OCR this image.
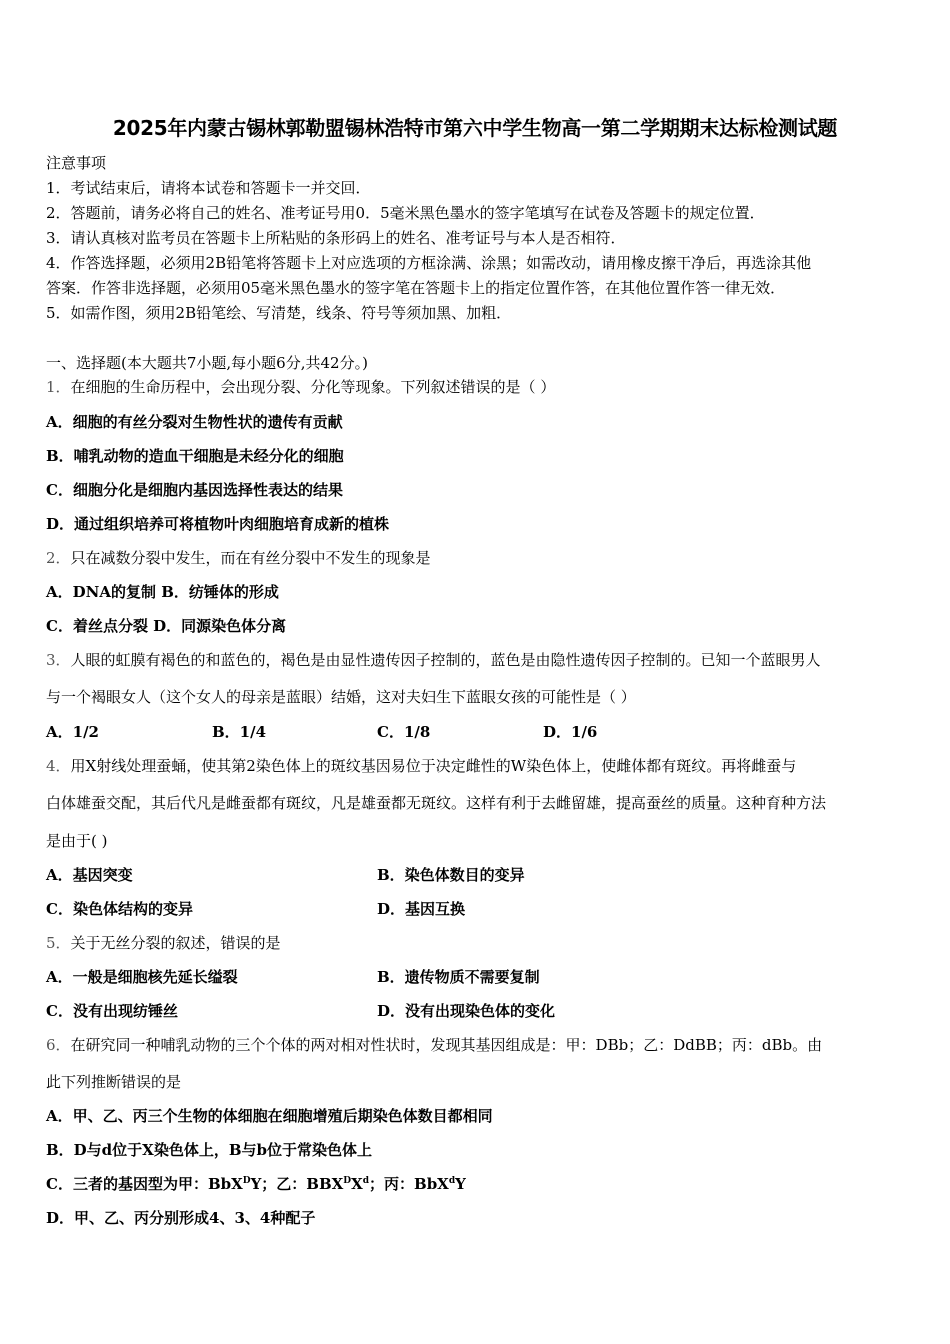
2025年内蒙古锡林郭勒盟锡林浩特市第六中学生物高一第二学期期末达标检测试题
注意事项
1．考试结束后，请将本试卷和答题卡一并交回．
2．答题前，请务必将自己的姓名、准考证号用0．5毫米黑色墨水的签字笔填写在试卷及答题卡的规定位置．
3．请认真核对监考员在答题卡上所粘贴的条形码上的姓名、准考证号与本人是否相符．
4．作答选择题，必须用2B铅笔将答题卡上对应选项的方框涂满、涂黑；如需改动，请用橡皮擦干净后，再选涂其他
答案．作答非选择题，必须用05毫米黑色墨水的签字笔在答题卡上的指定位置作答，在其他位置作答一律无效．
5．如需作图，须用2B铅笔绘、写清楚，线条、符号等须加黑、加粗．
一、选择题(本大题共7小题,每小题6分,共42分。)
1．在细胞的生命历程中，会出现分裂、分化等现象。下列叙述错误的是（ ）
A．细胞的有丝分裂对生物性状的遗传有贡献
B．哺乳动物的造血干细胞是未经分化的细胞
C．细胞分化是细胞内基因选择性表达的结果
D．通过组织培养可将植物叶肉细胞培育成新的植株
2．只在减数分裂中发生，而在有丝分裂中不发生的现象是
A．DNA的复制 B．纺锤体的形成
C．着丝点分裂 D．同源染色体分离
3．人眼的虹膜有褐色的和蓝色的，褐色是由显性遗传因子控制的，蓝色是由隐性遗传因子控制的。已知一个蓝眼男人
与一个褐眼女人（这个女人的母亲是蓝眼）结婚，这对夫妇生下蓝眼女孩的可能性是（ ）
A．1/2	B．1/4	C．1/8	D．1/6
4．用X射线处理蚕蛹，使其第2染色体上的斑纹基因易位于决定雌性的W染色体上，使雌体都有斑纹。再将雌蚕与
白体雄蚕交配，其后代凡是雌蚕都有斑纹，凡是雄蚕都无斑纹。这样有利于去雌留雄，提高蚕丝的质量。这种育种方法
是由于( )
A．基因突变	B．染色体数目的变异
C．染色体结构的变异	D．基因互换
5．关于无丝分裂的叙述，错误的是
A．一般是细胞核先延长缢裂	B．遗传物质不需要复制
C．没有出现纺锤丝	D．没有出现染色体的变化
6．在研究同一种哺乳动物的三个个体的两对相对性状时，发现其基因组成是：甲：DBb；乙：DdBB；丙：dBb。由
此下列推断错误的是
A．甲、乙、丙三个生物的体细胞在细胞增殖后期染色体数目都相同
B．D与d位于X染色体上，B与b位于常染色体上
C．三者的基因型为甲：BbX$^D$Y；乙：$BBX^DX^d$；丙：BbX$^d$Y
D．甲、乙、丙分别形成4、3、4种配子
